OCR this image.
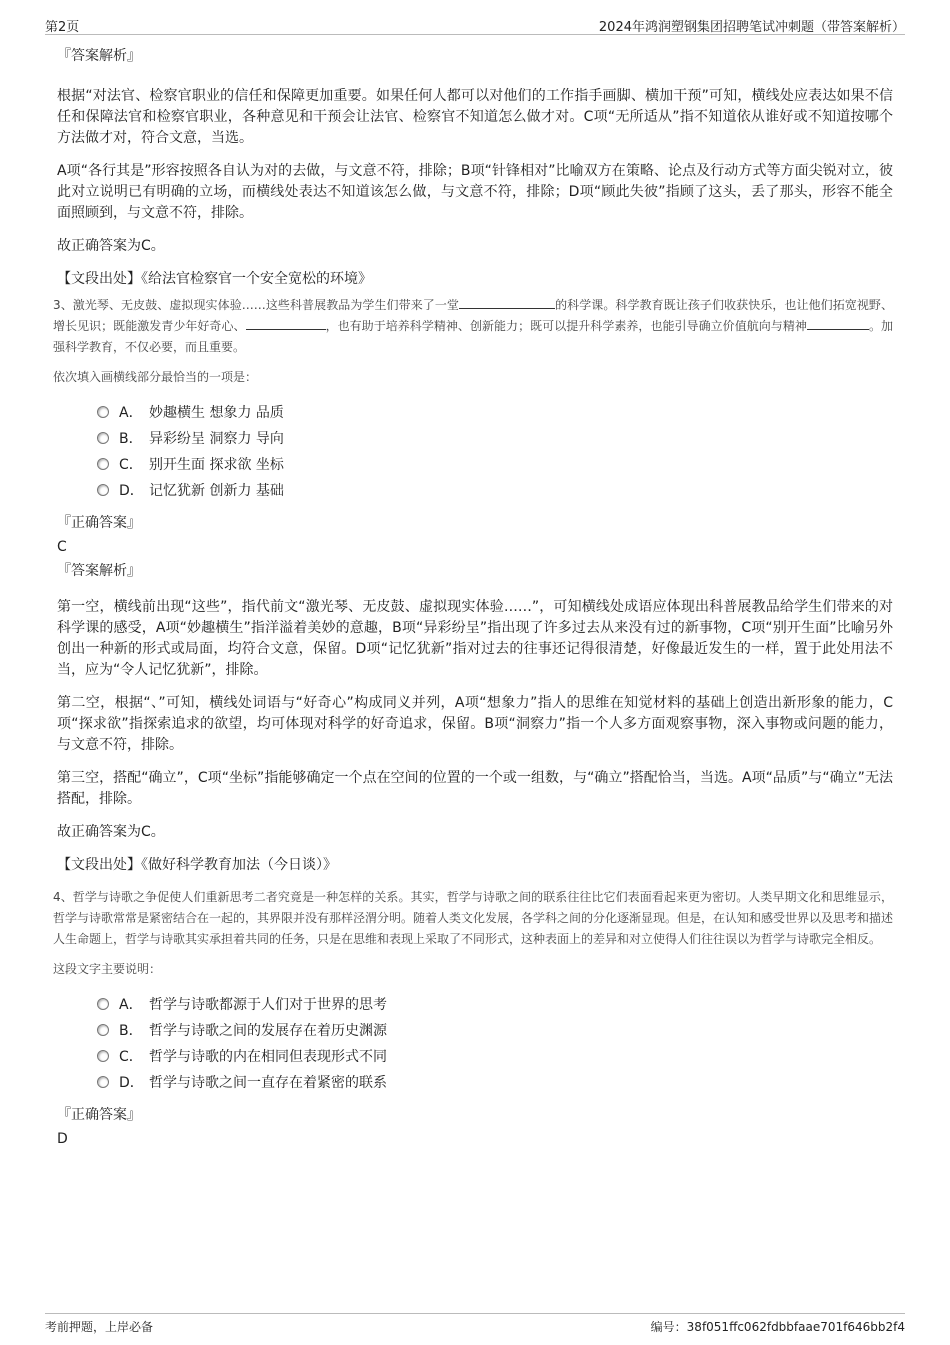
第2页	2024年鸿润塑钢集团招聘笔试冲刺题（带答案解析）
『答案解析』

根据“对法官、检察官职业的信任和保障更加重要。如果任何人都可以对他们的工作指手画脚、横加干预”可知，横线处应表达如果不信任和保障法官和检察官职业，各种意见和干预会让法官、检察官不知道怎么做才对。C项“无所适从”指不知道依从谁好或不知道按哪个方法做才对，符合文意，当选。

A项“各行其是”形容按照各自认为对的去做，与文意不符，排除；B项“针锋相对”比喻双方在策略、论点及行动方式等方面尖锐对立，彼此对立说明已有明确的立场，而横线处表达不知道该怎么做，与文意不符，排除；D项“顾此失彼”指顾了这头，丢了那头，形容不能全面照顾到，与文意不符，排除。

故正确答案为C。

【文段出处】《给法官检察官一个安全宽松的环境》
3、激光琴、无皮鼓、虚拟现实体验……这些科普展教品为学生们带来了一堂	的科学课。科学教育既让孩子们收获快乐，也让他们拓宽视野、增长见识；既能激发青少年好奇心、	，也有助于培养科学精神、创新能力；既可以提升科学素养，也能引导确立价值航向与精神	。加强科学教育，不仅必要，而且重要。
依次填入画横线部分最恰当的一项是：
A． 妙趣横生 想象力 品质
B． 异彩纷呈 洞察力 导向
C． 别开生面 探求欲 坐标
D． 记忆犹新 创新力 基础
『正确答案』
C
『答案解析』

第一空，横线前出现“这些”，指代前文“激光琴、无皮鼓、虚拟现实体验……”，可知横线处成语应体现出科普展教品给学生们带来的对科学课的感受，A项“妙趣横生”指洋溢着美妙的意趣，B项“异彩纷呈”指出现了许多过去从来没有过的新事物，C项“别开生面”比喻另外创出一种新的形式或局面，均符合文意，保留。D项“记忆犹新”指对过去的往事还记得很清楚，好像最近发生的一样，置于此处用法不当，应为“令人记忆犹新”，排除。

第二空，根据“、”可知，横线处词语与“好奇心”构成同义并列，A项“想象力”指人的思维在知觉材料的基础上创造出新形象的能力，C项“探求欲”指探索追求的欲望，均可体现对科学的好奇追求，保留。B项“洞察力”指一个人多方面观察事物，深入事物或问题的能力，与文意不符，排除。

第三空，搭配“确立”，C项“坐标”指能够确定一个点在空间的位置的一个或一组数，与“确立”搭配恰当，当选。A项“品质”与“确立”无法搭配，排除。

故正确答案为C。

【文段出处】《做好科学教育加法（今日谈）》
4、哲学与诗歌之争促使人们重新思考二者究竟是一种怎样的关系。其实，哲学与诗歌之间的联系往往比它们表面看起来更为密切。人类早期文化和思维显示，哲学与诗歌常常是紧密结合在一起的，其界限并没有那样泾渭分明。随着人类文化发展，各学科之间的分化逐渐显现。但是，在认知和感受世界以及思考和描述人生命题上，哲学与诗歌其实承担着共同的任务，只是在思维和表现上采取了不同形式，这种表面上的差异和对立使得人们往往误以为哲学与诗歌完全相反。
这段文字主要说明：
A． 哲学与诗歌都源于人们对于世界的思考
B． 哲学与诗歌之间的发展存在着历史渊源
C． 哲学与诗歌的内在相同但表现形式不同
D． 哲学与诗歌之间一直存在着紧密的联系
『正确答案』
D
考前押题，上岸必备	编号：38f051ffc062fdbbfaae701f646bb2f4
